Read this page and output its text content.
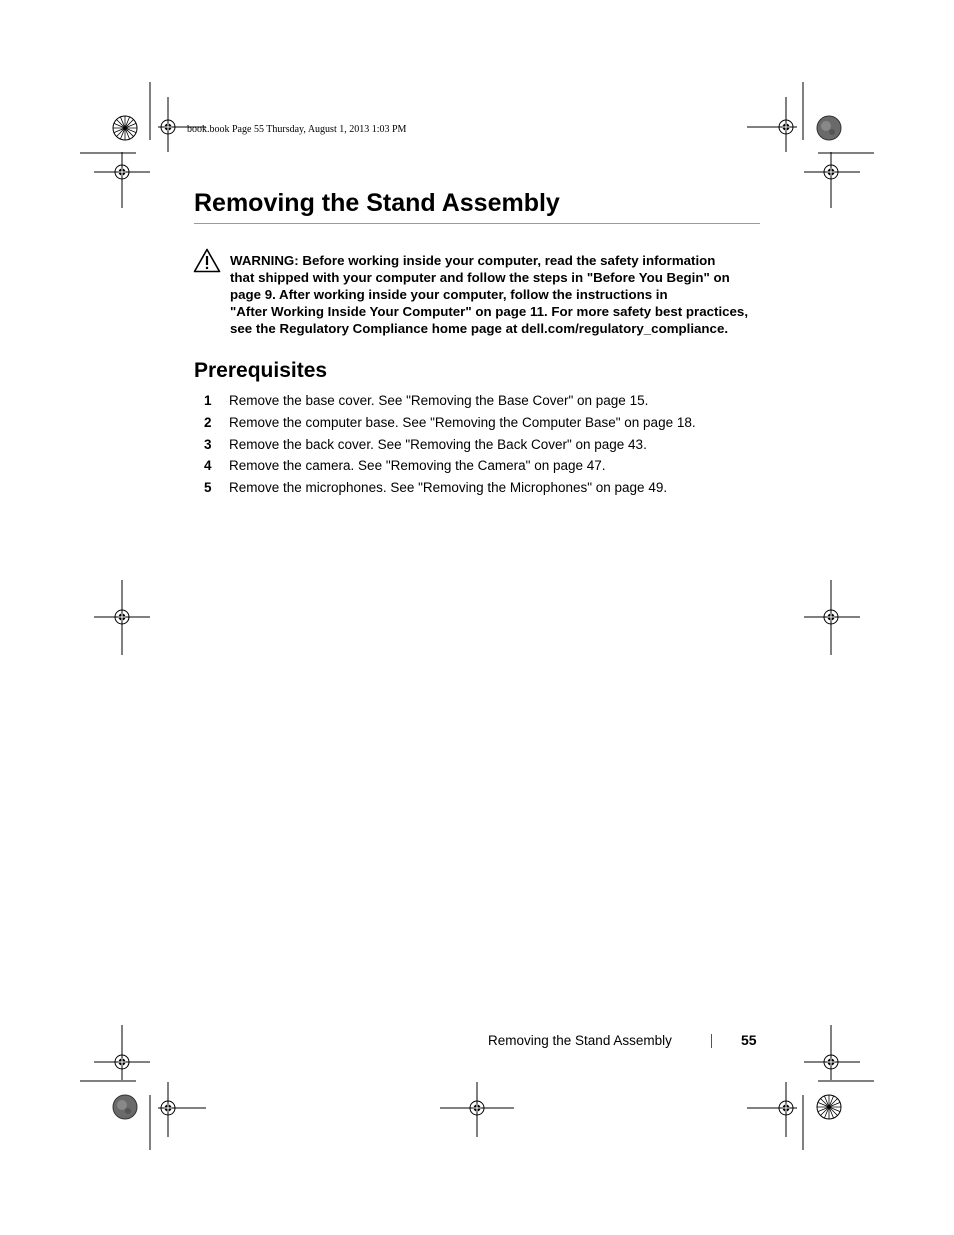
book.book Page 55 Thursday, August 1, 2013 1:03 PM
Removing the Stand Assembly
WARNING: Before working inside your computer, read the safety information
that shipped with your computer and follow the steps in "Before You Begin" on
page 9. After working inside your computer, follow the instructions in
"After Working Inside Your Computer" on page 11. For more safety best practices,
see the Regulatory Compliance home page at dell.com/regulatory_compliance.
Prerequisites
1 Remove the base cover. See "Removing the Base Cover" on page 15.
2 Remove the computer base. See "Removing the Computer Base" on page 18.
3 Remove the back cover. See "Removing the Back Cover" on page 43.
4 Remove the camera. See "Removing the Camera" on page 47.
5 Remove the microphones. See "Removing the Microphones" on page 49.
Removing the Stand Assembly	55
